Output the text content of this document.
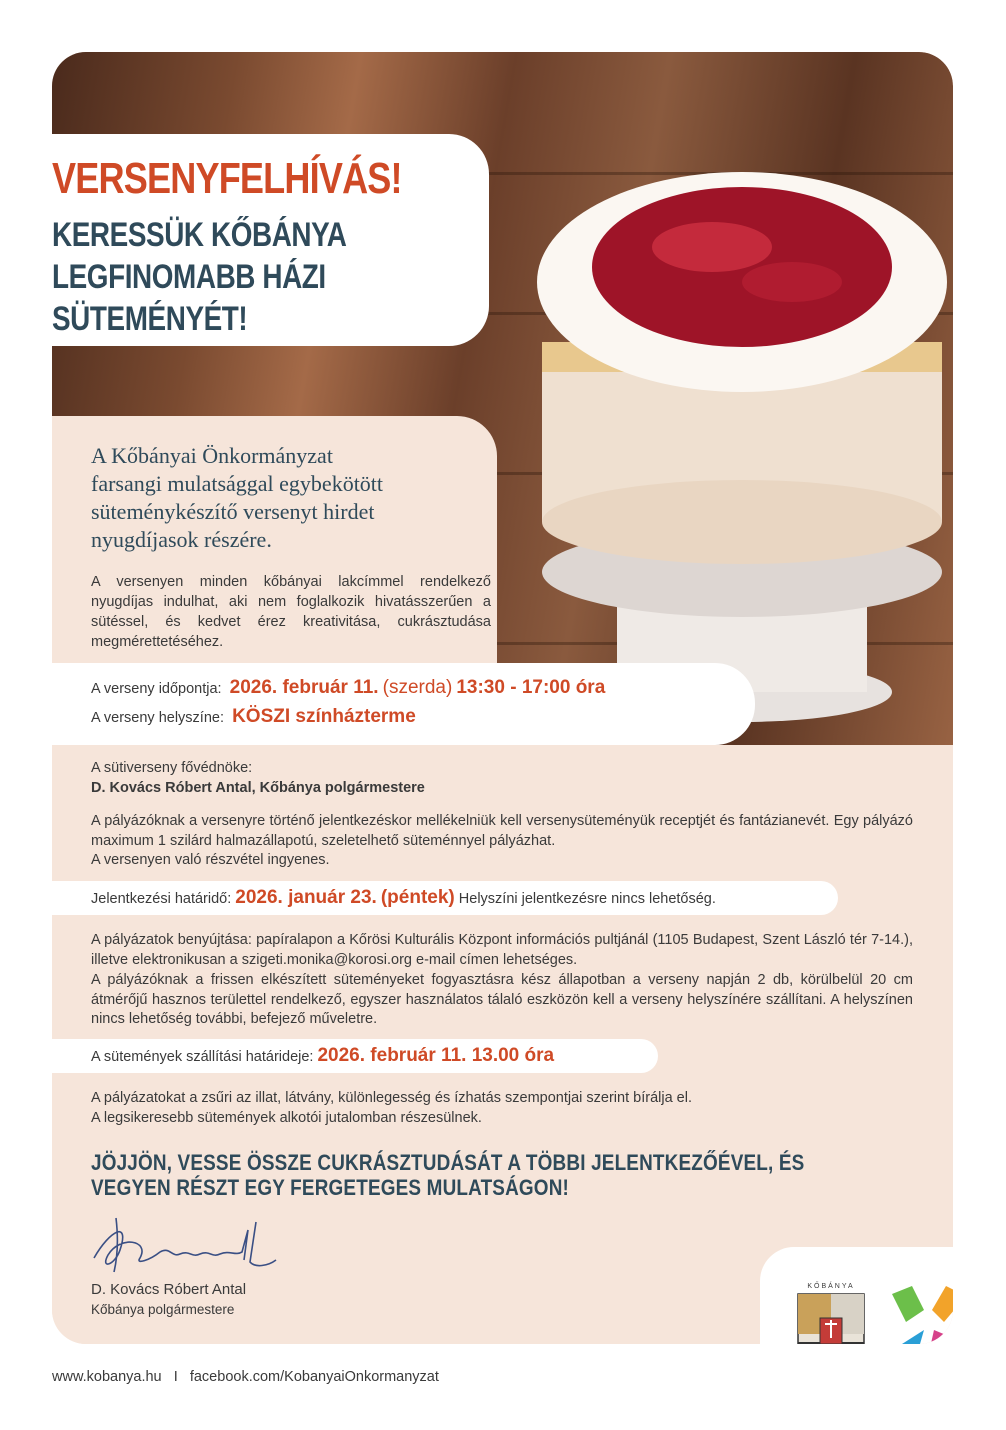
VERSENYFELHÍVÁS!
KERESSÜK KŐBÁNYA
LEGFINOMABB HÁZI
SÜTEMÉNYÉT!
A Kőbányai Önkormányzat
farsangi mulatsággal egybekötött
süteménykészítő versenyt hirdet
nyugdíjasok részére.
A versenyen minden kőbányai lakcímmel rendelkező nyugdíjas indulhat, aki nem foglalkozik hivatásszerűen a sütéssel, és kedvet érez kreativitása, cukrásztudása megmérettetéséhez.
A verseny időpontja: 2026. február 11. (szerda) 13:30 - 17:00 óra
A verseny helyszíne: KÖSZI színházterme
A sütiverseny fővédnöke:
D. Kovács Róbert Antal, Kőbánya polgármestere
A pályázóknak a versenyre történő jelentkezéskor mellékelniük kell versenysüteményük receptjét és fantázianevét. Egy pályázó maximum 1 szilárd halmazállapotú, szeletelhető süteménnyel pályázhat.
A versenyen való részvétel ingyenes.
Jelentkezési határidő: 2026. január 23. (péntek) Helyszíni jelentkezésre nincs lehetőség.
A pályázatok benyújtása: papíralapon a Kőrösi Kulturális Központ információs pultjánál (1105 Budapest, Szent László tér 7-14.), illetve elektronikusan a szigeti.monika@korosi.org e-mail címen lehetséges.
A pályázóknak a frissen elkészített süteményeket fogyasztásra kész állapotban a verseny napján 2 db, körülbelül 20 cm átmérőjű hasznos területtel rendelkező, egyszer használatos tálaló eszközön kell a verseny helyszínére szállítani. A helyszínen nincs lehetőség további, befejező műveletre.
A sütemények szállítási határideje: 2026. február 11. 13.00 óra
A pályázatokat a zsűri az illat, látvány, különlegesség és ízhatás szempontjai szerint bírálja el.
A legsikeresebb sütemények alkotói jutalomban részesülnek.
JÖJJÖN, VESSE ÖSSZE CUKRÁSZTUDÁSÁT A TÖBBI JELENTKEZŐÉVEL, ÉS VEGYEN RÉSZT EGY FERGETEGES MULATSÁGON!
D. Kovács Róbert Antal
Kőbánya polgármestere
KŐBÁNYA
KŐBÁNYA
az élő város
www.kobanya.hu I facebook.com/KobanyaiOnkormanyzat
